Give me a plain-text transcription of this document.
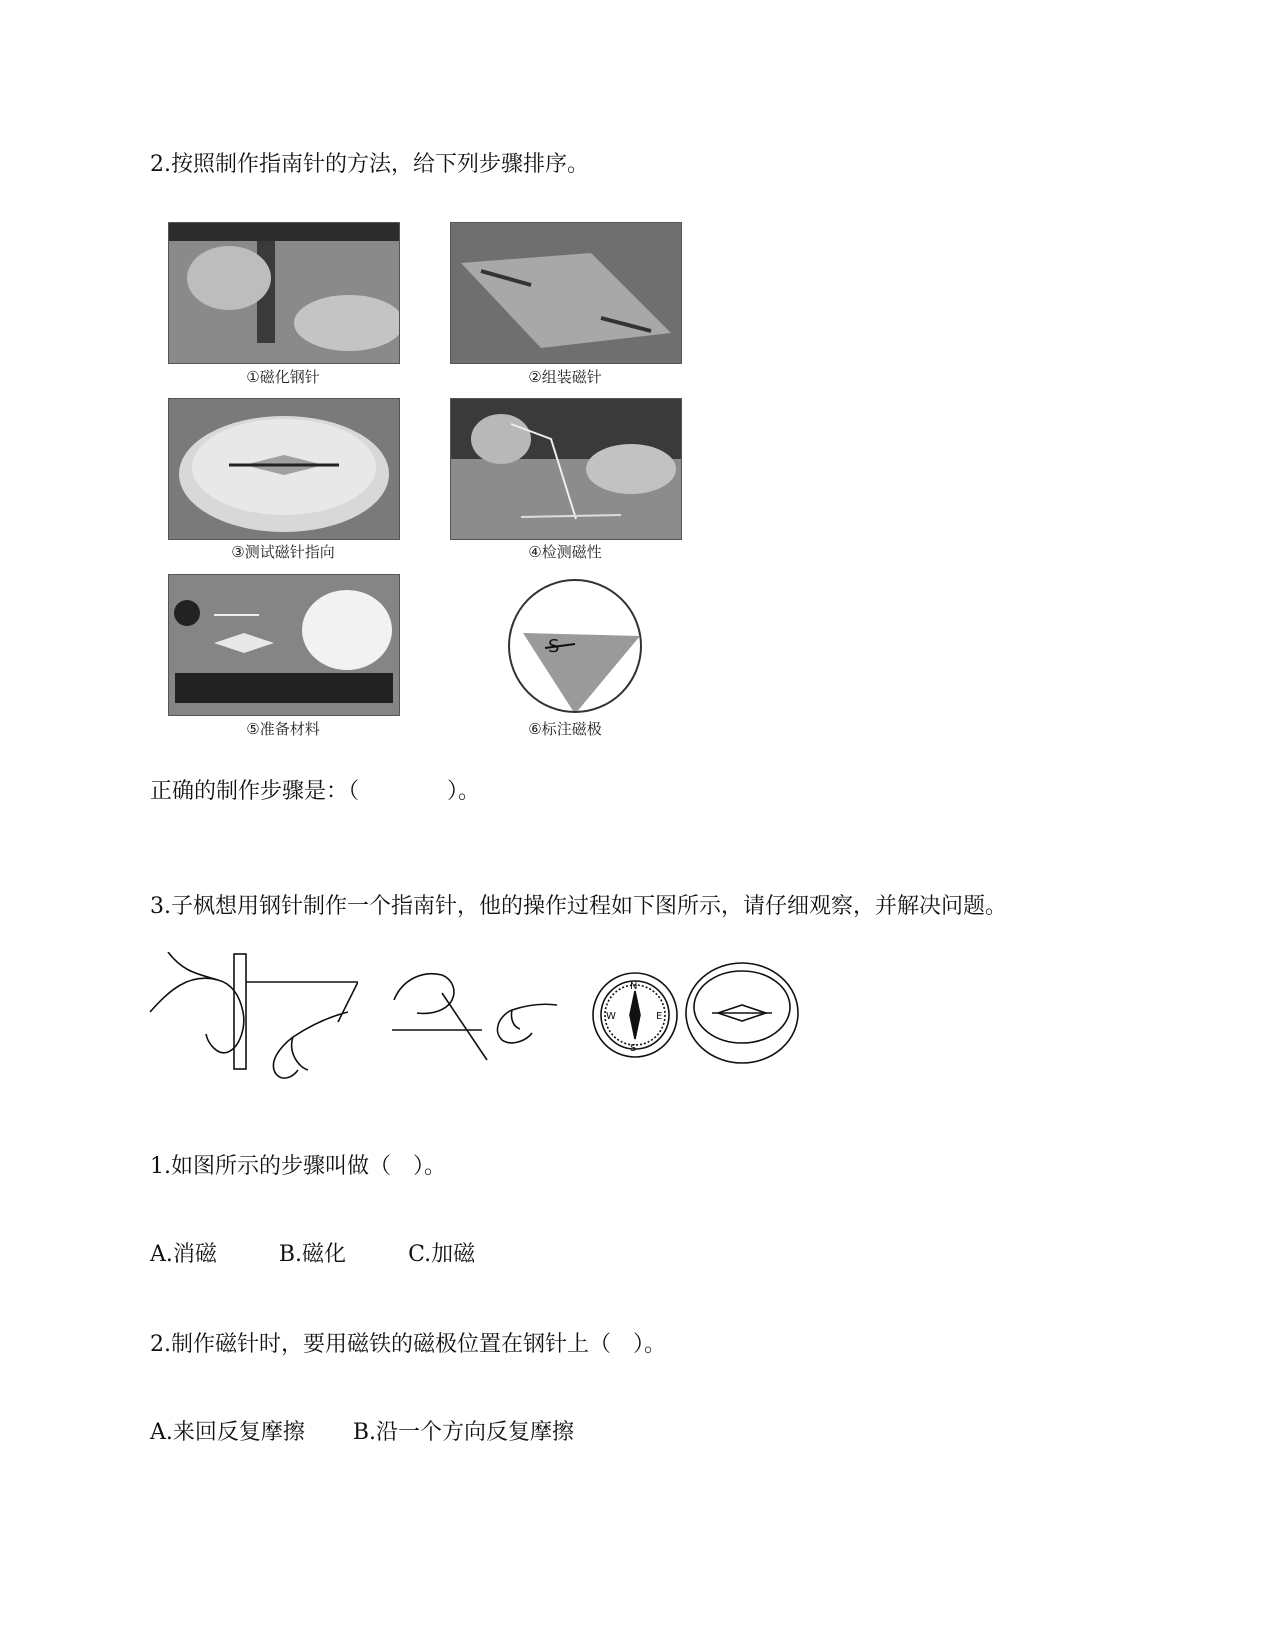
2.按照制作指南针的方法，给下列步骤排序。
①磁化钢针	②组装磁针
③测试磁针指向	④检测磁性
⑤准备材料	⑥标注磁极
正确的制作步骤是：（　　　　）。
3.子枫想用钢针制作一个指南针，他的操作过程如下图所示，请仔细观察，并解决问题。
N
E
S
W
1.如图所示的步骤叫做（　）。
A.消磁	B.磁化	C.加磁
2.制作磁针时，要用磁铁的磁极位置在钢针上（　）。
A.来回反复摩擦 B.沿一个方向反复摩擦
